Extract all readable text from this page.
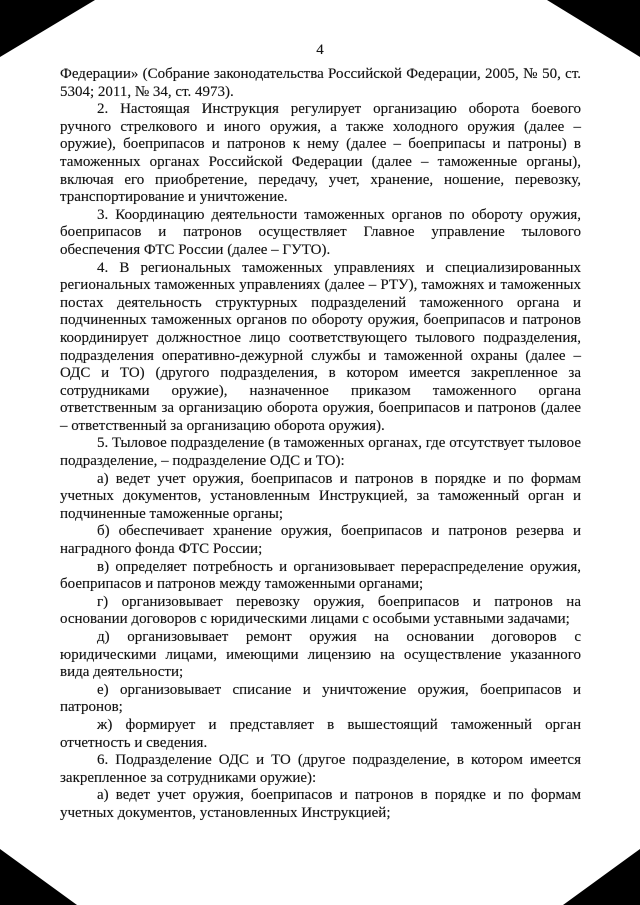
4

Федерации» (Собрание законодательства Российской Федерации, 2005, № 50, ст. 5304; 2011, № 34, ст. 4973).

2. Настоящая Инструкция регулирует организацию оборота боевого ручного стрелкового и иного оружия, а также холодного оружия (далее – оружие), боеприпасов и патронов к нему (далее – боеприпасы и патроны) в таможенных органах Российской Федерации (далее – таможенные органы), включая его приобретение, передачу, учет, хранение, ношение, перевозку, транспортирование и уничтожение.

3. Координацию деятельности таможенных органов по обороту оружия, боеприпасов и патронов осуществляет Главное управление тылового обеспечения ФТС России (далее – ГУТО).

4. В региональных таможенных управлениях и специализированных региональных таможенных управлениях (далее – РТУ), таможнях и таможенных постах деятельность структурных подразделений таможенного органа и подчиненных таможенных органов по обороту оружия, боеприпасов и патронов координирует должностное лицо соответствующего тылового подразделения, подразделения оперативно-дежурной службы и таможенной охраны (далее – ОДС и ТО) (другого подразделения, в котором имеется закрепленное за сотрудниками оружие), назначенное приказом таможенного органа ответственным за организацию оборота оружия, боеприпасов и патронов (далее – ответственный за организацию оборота оружия).

5. Тыловое подразделение (в таможенных органах, где отсутствует тыловое подразделение, – подразделение ОДС и ТО):

а) ведет учет оружия, боеприпасов и патронов в порядке и по формам учетных документов, установленным Инструкцией, за таможенный орган и подчиненные таможенные органы;

б) обеспечивает хранение оружия, боеприпасов и патронов резерва и наградного фонда ФТС России;

в) определяет потребность и организовывает перераспределение оружия, боеприпасов и патронов между таможенными органами;

г) организовывает перевозку оружия, боеприпасов и патронов на основании договоров с юридическими лицами с особыми уставными задачами;

д) организовывает ремонт оружия на основании договоров с юридическими лицами, имеющими лицензию на осуществление указанного вида деятельности;

е) организовывает списание и уничтожение оружия, боеприпасов и патронов;

ж) формирует и представляет в вышестоящий таможенный орган отчетность и сведения.

6. Подразделение ОДС и ТО (другое подразделение, в котором имеется закрепленное за сотрудниками оружие):

а) ведет учет оружия, боеприпасов и патронов в порядке и по формам учетных документов, установленных Инструкцией;
